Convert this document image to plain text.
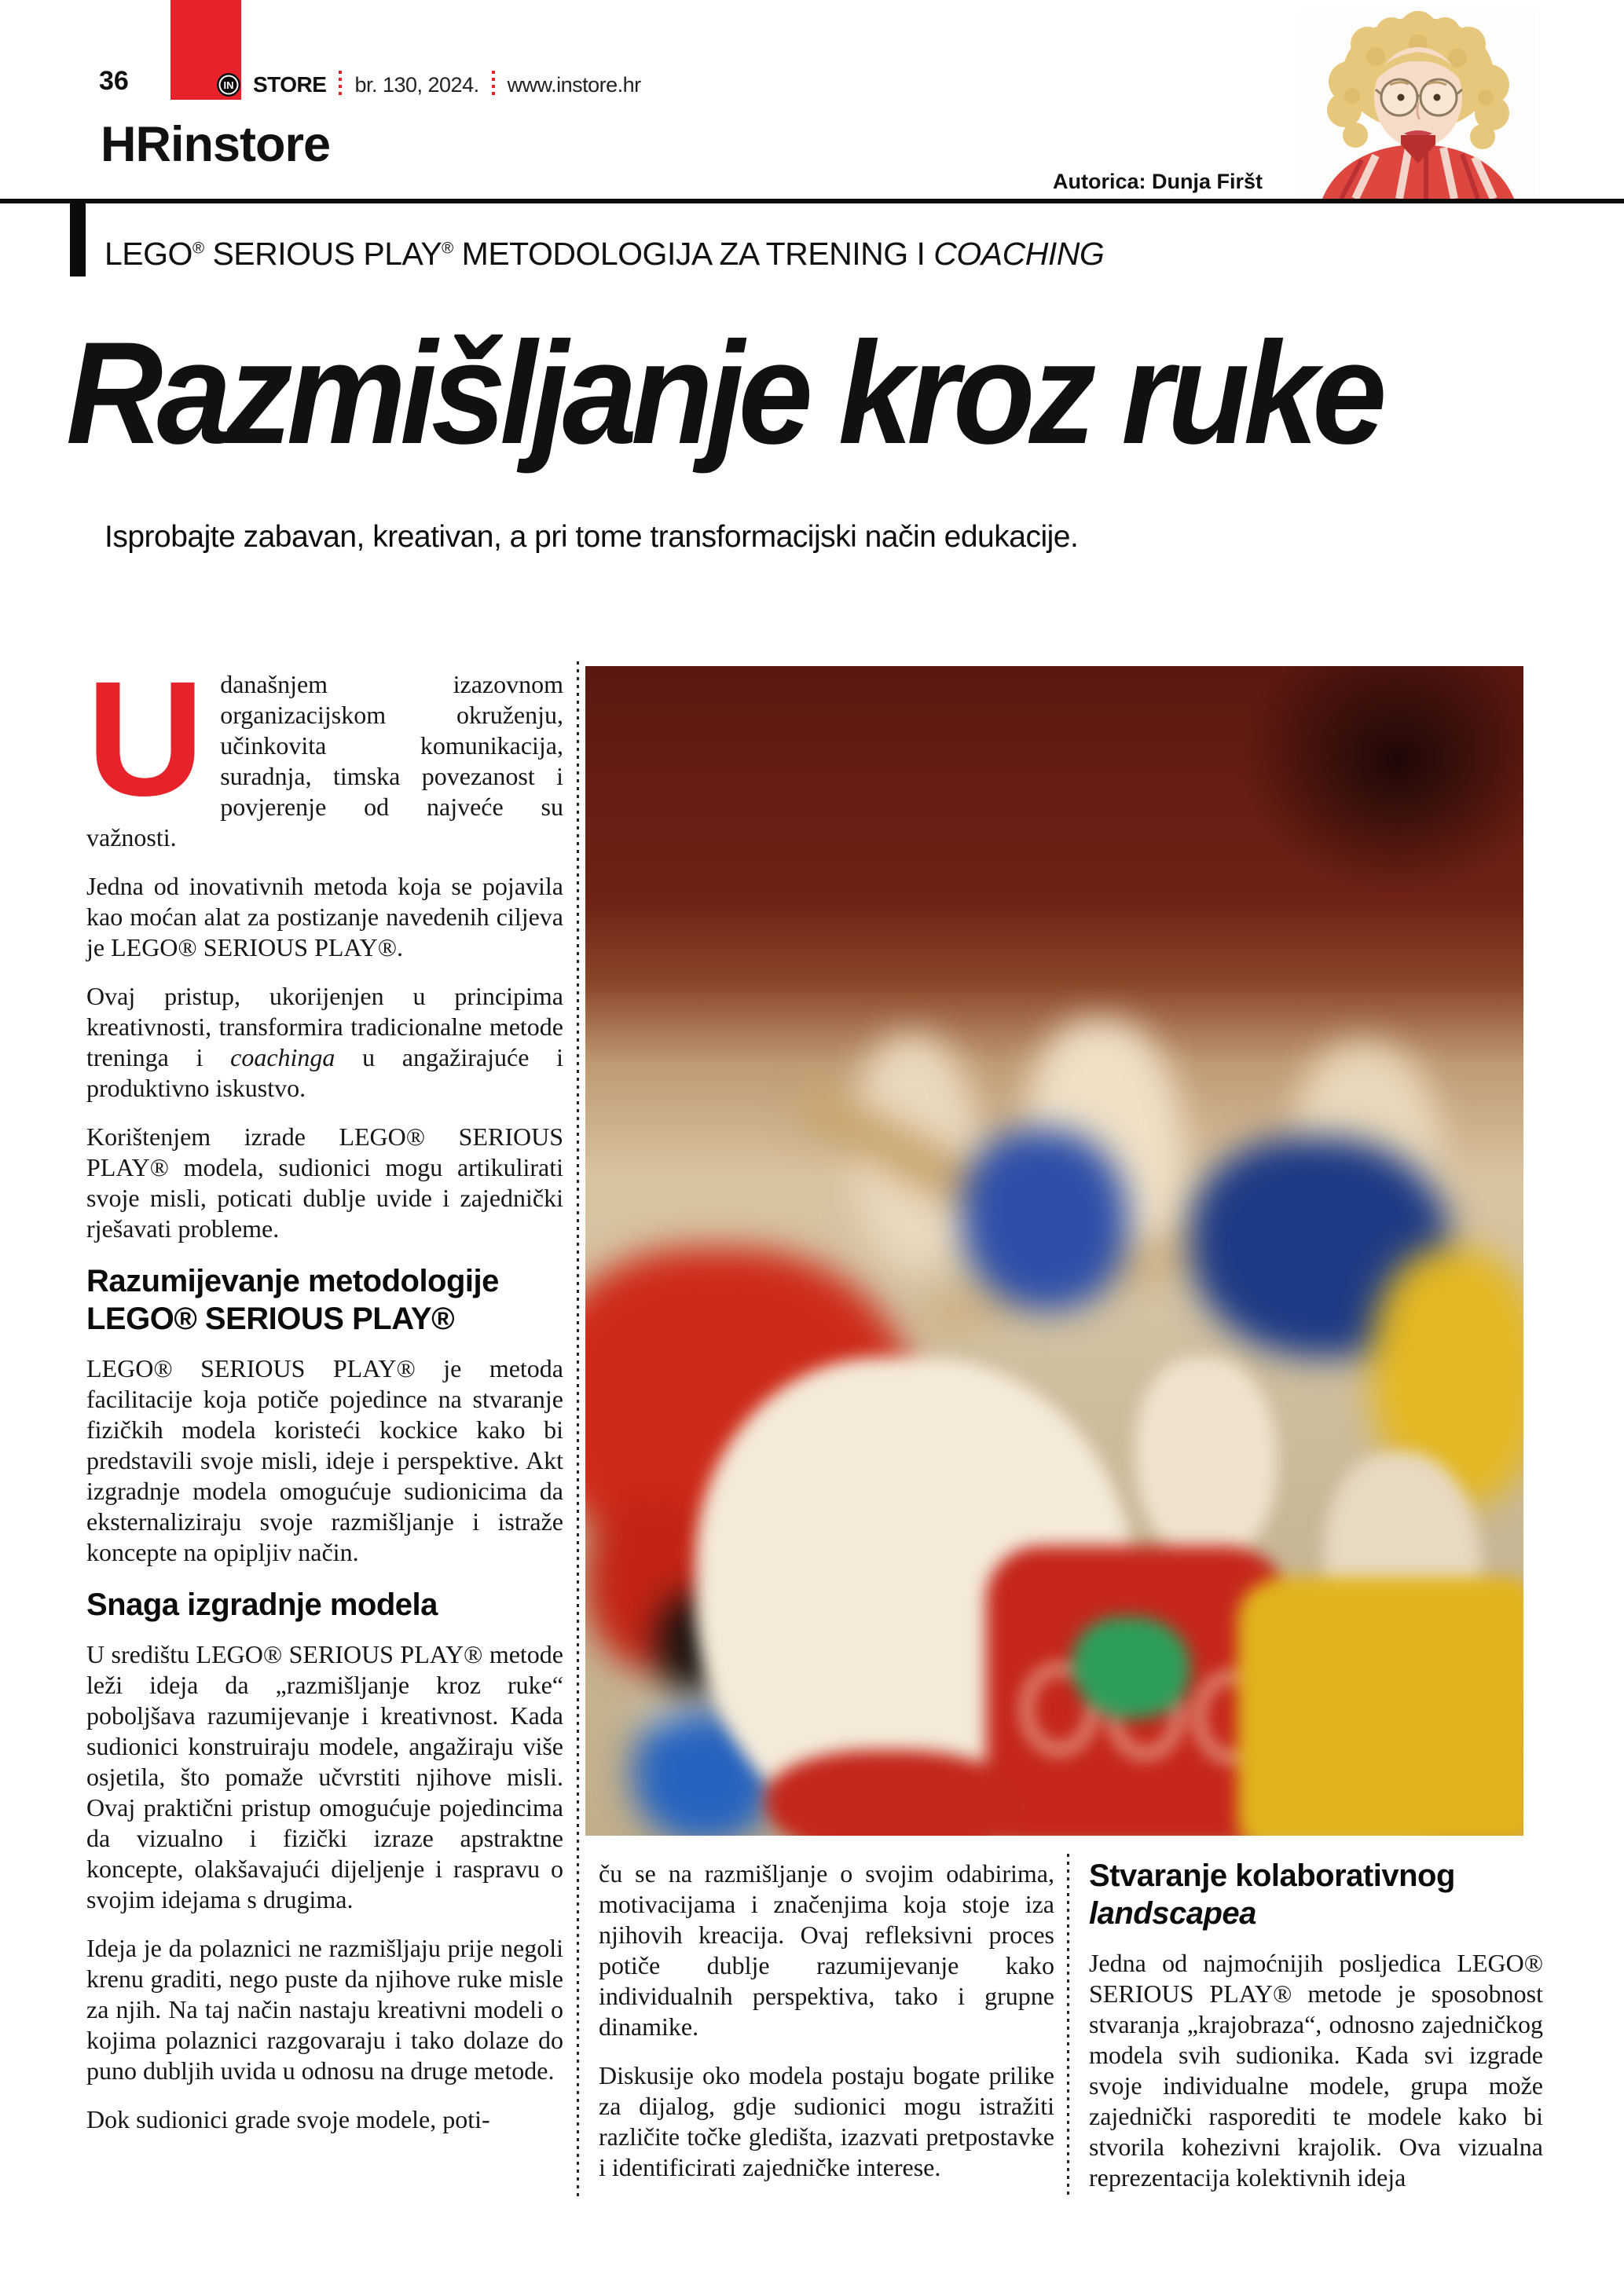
36	IN STORE br. 130, 2024. www.instore.hr
HRinstore
Autorica: Dunja Firšt
LEGO® SERIOUS PLAY® METODOLOGIJA ZA TRENING I COACHING
Razmišljanje kroz ruke
Isprobajte zabavan, kreativan, a pri tome transformacijski način edukacije.

Udanašnjem izazovnom organizacijskom okruženju, učinkovita komunikacija, suradnja, timska povezanost i povjerenje od najveće su važnosti.

Jedna od inovativnih metoda koja se pojavila kao moćan alat za postizanje navedenih ciljeva je LEGO® SERIOUS PLAY®.

Ovaj pristup, ukorijenjen u principima kreativnosti, transformira tradicionalne metode treninga i coachinga u angažirajuće i produktivno iskustvo.

Korištenjem izrade LEGO® SERIOUS PLAY® modela, sudionici mogu artikulirati svoje misli, poticati dublje uvide i zajednički rješavati probleme.

Razumijevanje metodologije LEGO® SERIOUS PLAY®

LEGO® SERIOUS PLAY® je metoda facilitacije koja potiče pojedince na stvaranje fizičkih modela koristeći kockice kako bi predstavili svoje misli, ideje i perspektive. Akt izgradnje modela omogućuje sudionicima da eksternaliziraju svoje razmišljanje i istraže koncepte na opipljiv način.

Snaga izgradnje modela

U središtu LEGO® SERIOUS PLAY® metode leži ideja da „razmišljanje kroz ruke“ poboljšava razumijevanje i kreativnost. Kada sudionici konstruiraju modele, angažiraju više osjetila, što pomaže učvrstiti njihove misli. Ovaj praktični pristup omogućuje pojedincima da vizualno i fizički izraze apstraktne koncepte, olakšavajući dijeljenje i raspravu o svojim idejama s drugima.

Ideja je da polaznici ne razmišljaju prije negoli krenu graditi, nego puste da njihove ruke misle za njih. Na taj način nastaju kreativni modeli o kojima polaznici razgovaraju i tako dolaze do puno dubljih uvida u odnosu na druge metode.

Dok sudionici grade svoje modele, poti-

ču se na razmišljanje o svojim odabirima, motivacijama i značenjima koja stoje iza njihovih kreacija. Ovaj refleksivni proces potiče dublje razumijevanje kako individualnih perspektiva, tako i grupne dinamike.

Diskusije oko modela postaju bogate prilike za dijalog, gdje sudionici mogu istražiti različite točke gledišta, izazvati pretpostavke i identificirati zajedničke interese.

Stvaranje kolaborativnog landscapea

Jedna od najmoćnijih posljedica LEGO® SERIOUS PLAY® metode je sposobnost stvaranja „krajobraza“, odnosno zajedničkog modela svih sudionika. Kada svi izgrade svoje individualne modele, grupa može zajednički rasporediti te modele kako bi stvorila kohezivni krajolik. Ova vizualna reprezentacija kolektivnih ideja
